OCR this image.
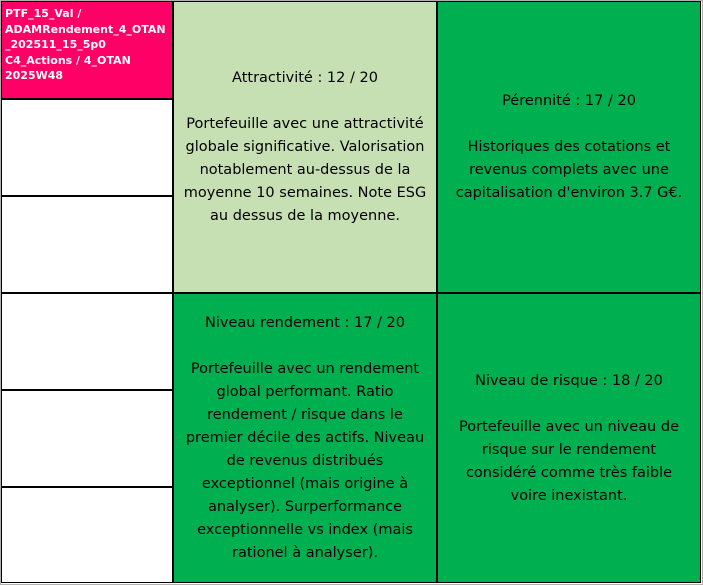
PTF_15_Val /
ADAMRendement_4_OTAN
_202511_15_5p0
C4_Actions / 4_OTAN
2025W48	Attractivité : 12 / 20
Portefeuille avec une attractivité
globale significative. Valorisation
notablement au-dessus de la
moyenne 10 semaines. Note ESG
au dessus de la moyenne.
Pérennité : 17 / 20
Historiques des cotations et
revenus complets avec une
capitalisation d'environ 3.7 G€.
Niveau rendement : 17 / 20
Portefeuille avec un rendement
global performant. Ratio
rendement / risque dans le
premier décile des actifs. Niveau
de revenus distribués
exceptionnel (mais origine à
analyser). Surperformance
exceptionnelle vs index (mais
rationel à analyser).
Niveau de risque : 18 / 20
Portefeuille avec un niveau de
risque sur le rendement
considéré comme très faible
voire inexistant.
